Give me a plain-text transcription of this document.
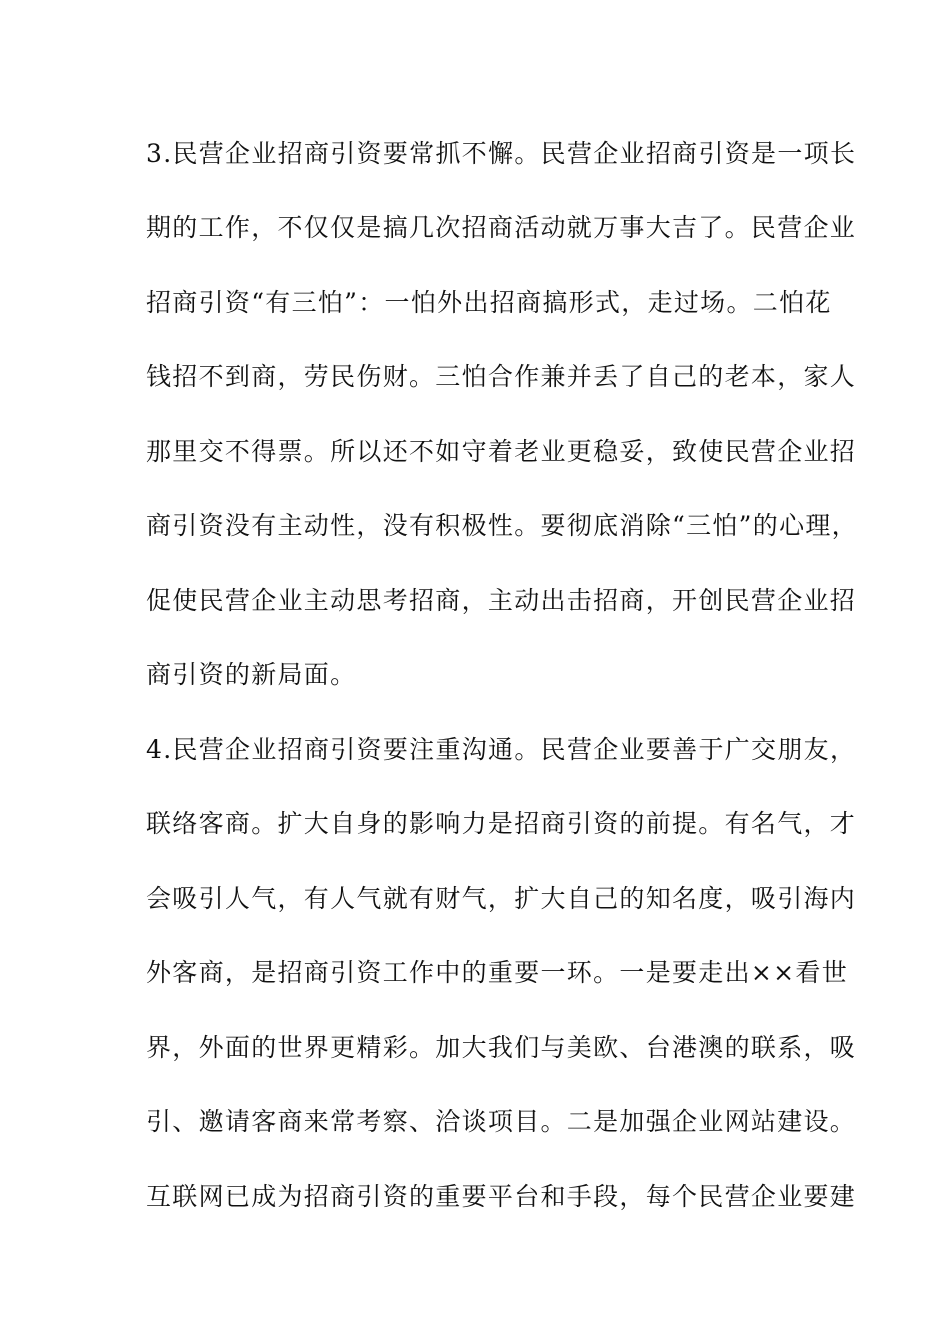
3.民营企业招商引资要常抓不懈。民营企业招商引资是一项长
期的工作，不仅仅是搞几次招商活动就万事大吉了。民营企业
招商引资“有三怕”：一怕外出招商搞形式，走过场。二怕花
钱招不到商，劳民伤财。三怕合作兼并丢了自己的老本，家人
那里交不得票。所以还不如守着老业更稳妥，致使民营企业招
商引资没有主动性，没有积极性。要彻底消除“三怕”的心理，
促使民营企业主动思考招商，主动出击招商，开创民营企业招
商引资的新局面。
4.民营企业招商引资要注重沟通。民营企业要善于广交朋友，
联络客商。扩大自身的影响力是招商引资的前提。有名气，才
会吸引人气，有人气就有财气，扩大自己的知名度，吸引海内
外客商，是招商引资工作中的重要一环。一是要走出××看世
界，外面的世界更精彩。加大我们与美欧、台港澳的联系，吸
引、邀请客商来常考察、洽谈项目。二是加强企业网站建设。
互联网已成为招商引资的重要平台和手段，每个民营企业要建
